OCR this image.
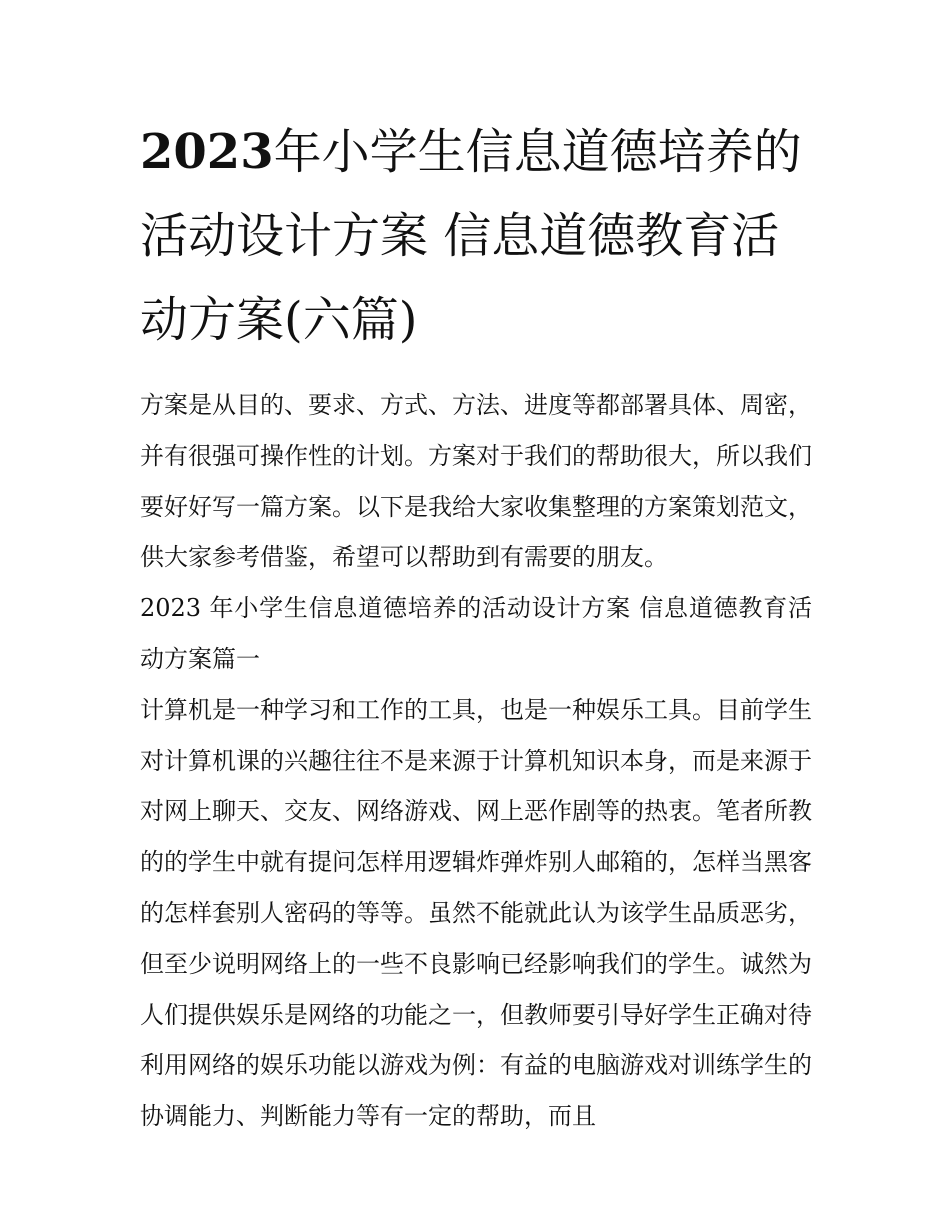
2023年小学生信息道德培养的活动设计方案 信息道德教育活动方案(六篇)

方案是从目的、要求、方式、方法、进度等都部署具体、周密，并有很强可操作性的计划。方案对于我们的帮助很大，所以我们要好好写一篇方案。以下是我给大家收集整理的方案策划范文，供大家参考借鉴，希望可以帮助到有需要的朋友。

2023 年小学生信息道德培养的活动设计方案 信息道德教育活动方案篇一

计算机是一种学习和工作的工具，也是一种娱乐工具。目前学生对计算机课的兴趣往往不是来源于计算机知识本身，而是来源于对网上聊天、交友、网络游戏、网上恶作剧等的热衷。笔者所教的的学生中就有提问怎样用逻辑炸弹炸别人邮箱的，怎样当黑客的怎样套别人密码的等等。虽然不能就此认为该学生品质恶劣，但至少说明网络上的一些不良影响已经影响我们的学生。诚然为人们提供娱乐是网络的功能之一，但教师要引导好学生正确对待利用网络的娱乐功能以游戏为例：有益的电脑游戏对训练学生的协调能力、判断能力等有一定的帮助，而且
